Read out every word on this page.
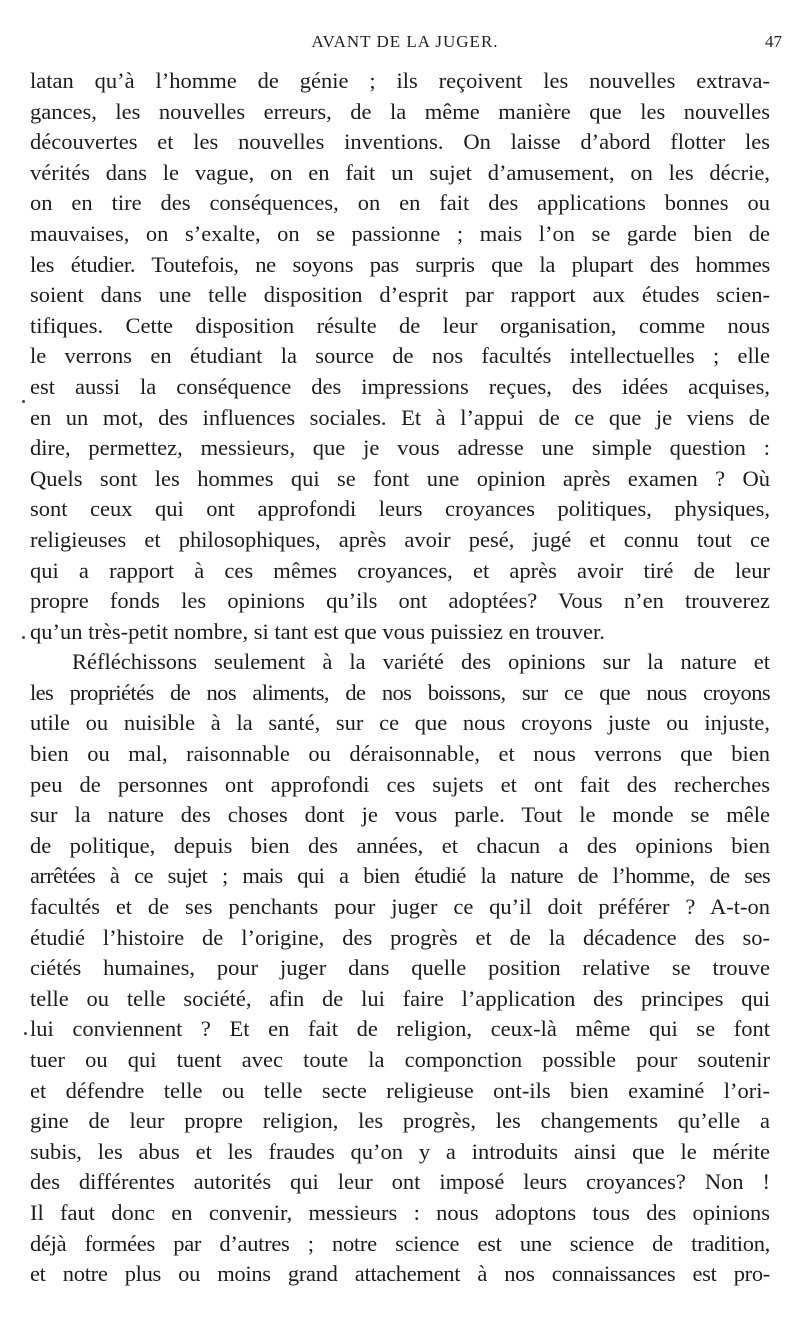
AVANT DE LA JUGER.	47
latan qu’à l’homme de génie ; ils reçoivent les nouvelles extrava-
gances, les nouvelles erreurs, de la même manière que les nouvelles
découvertes et les nouvelles inventions. On laisse d’abord flotter les
vérités dans le vague, on en fait un sujet d’amusement, on les décrie,
on en tire des conséquences, on en fait des applications bonnes ou
mauvaises, on s’exalte, on se passionne ; mais l’on se garde bien de
les étudier. Toutefois, ne soyons pas surpris que la plupart des hommes
soient dans une telle disposition d’esprit par rapport aux études scien-
tifiques. Cette disposition résulte de leur organisation, comme nous
le verrons en étudiant la source de nos facultés intellectuelles ; elle
est aussi la conséquence des impressions reçues, des idées acquises,
en un mot, des influences sociales. Et à l’appui de ce que je viens de
dire, permettez, messieurs, que je vous adresse une simple question :
Quels sont les hommes qui se font une opinion après examen ? Où
sont ceux qui ont approfondi leurs croyances politiques, physiques,
religieuses et philosophiques, après avoir pesé, jugé et connu tout ce
qui a rapport à ces mêmes croyances, et après avoir tiré de leur
propre fonds les opinions qu’ils ont adoptées? Vous n’en trouverez
qu’un très-petit nombre, si tant est que vous puissiez en trouver.
Réfléchissons seulement à la variété des opinions sur la nature et
les propriétés de nos aliments, de nos boissons, sur ce que nous croyons
utile ou nuisible à la santé, sur ce que nous croyons juste ou injuste,
bien ou mal, raisonnable ou déraisonnable, et nous verrons que bien
peu de personnes ont approfondi ces sujets et ont fait des recherches
sur la nature des choses dont je vous parle. Tout le monde se mêle
de politique, depuis bien des années, et chacun a des opinions bien
arrêtées à ce sujet ; mais qui a bien étudié la nature de l’homme, de ses
facultés et de ses penchants pour juger ce qu’il doit préférer ? A-t-on
étudié l’histoire de l’origine, des progrès et de la décadence des so-
ciétés humaines, pour juger dans quelle position relative se trouve
telle ou telle société, afin de lui faire l’application des principes qui
lui conviennent ? Et en fait de religion, ceux-là même qui se font
tuer ou qui tuent avec toute la componction possible pour soutenir
et défendre telle ou telle secte religieuse ont-ils bien examiné l’ori-
gine de leur propre religion, les progrès, les changements qu’elle a
subis, les abus et les fraudes qu’on y a introduits ainsi que le mérite
des différentes autorités qui leur ont imposé leurs croyances? Non !
Il faut donc en convenir, messieurs : nous adoptons tous des opinions
déjà formées par d’autres ; notre science est une science de tradition,
et notre plus ou moins grand attachement à nos connaissances est pro-
